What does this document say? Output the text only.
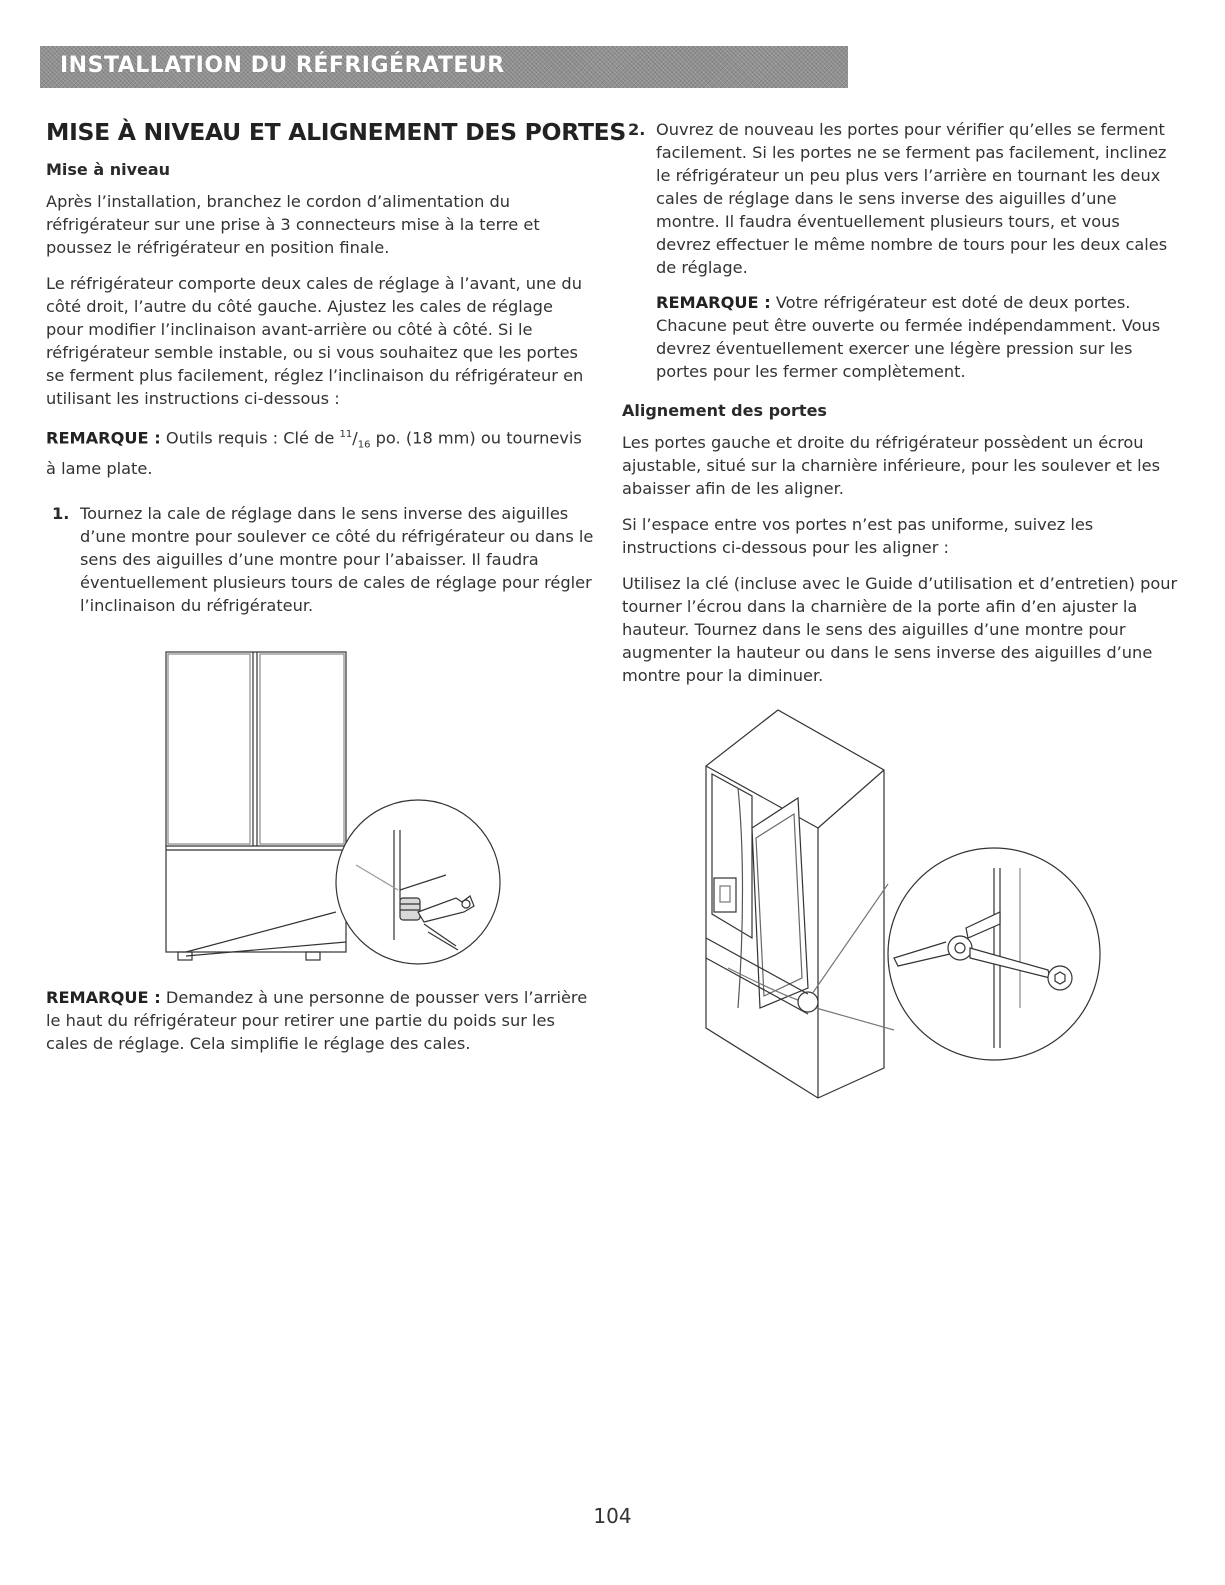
INSTALLATION DU RÉFRIGÉRATEUR
MISE À NIVEAU ET ALIGNEMENT DES PORTES
Mise à niveau

Après l’installation, branchez le cordon d’alimentation du réfrigérateur sur une prise à 3 connecteurs mise à la terre et poussez le réfrigérateur en position finale.

Le réfrigérateur comporte deux cales de réglage à l’avant, une du côté droit, l’autre du côté gauche. Ajustez les cales de réglage pour modifier l’inclinaison avant-arrière ou côté à côté. Si le réfrigérateur semble instable, ou si vous souhaitez que les portes se ferment plus facilement, réglez l’inclinaison du réfrigérateur en utilisant les instructions ci-dessous :

REMARQUE : Outils requis : Clé de $^{11}/_{16}$ po. (18 mm) ou tournevis à lame plate.

1. Tournez la cale de réglage dans le sens inverse des aiguilles d’une montre pour soulever ce côté du réfrigérateur ou dans le sens des aiguilles d’une montre pour l’abaisser. Il faudra éventuellement plusieurs tours de cales de réglage pour régler l’inclinaison du réfrigérateur.

REMARQUE : Demandez à une personne de pousser vers l’arrière le haut du réfrigérateur pour retirer une partie du poids sur les cales de réglage. Cela simplifie le réglage des cales.

2. Ouvrez de nouveau les portes pour vérifier qu’elles se ferment facilement. Si les portes ne se ferment pas facilement, inclinez le réfrigérateur un peu plus vers l’arrière en tournant les deux cales de réglage dans le sens inverse des aiguilles d’une montre. Il faudra éventuellement plusieurs tours, et vous devrez effectuer le même nombre de tours pour les deux cales de réglage.

REMARQUE : Votre réfrigérateur est doté de deux portes. Chacune peut être ouverte ou fermée indépendamment. Vous devrez éventuellement exercer une légère pression sur les portes pour les fermer complètement.

Alignement des portes

Les portes gauche et droite du réfrigérateur possèdent un écrou ajustable, situé sur la charnière inférieure, pour les soulever et les abaisser afin de les aligner.

Si l’espace entre vos portes n’est pas uniforme, suivez les instructions ci-dessous pour les aligner :

Utilisez la clé (incluse avec le Guide d’utilisation et d’entretien) pour tourner l’écrou dans la charnière de la porte afin d’en ajuster la hauteur. Tournez dans le sens des aiguilles d’une montre pour augmenter la hauteur ou dans le sens inverse des aiguilles d’une montre pour la diminuer.

104
